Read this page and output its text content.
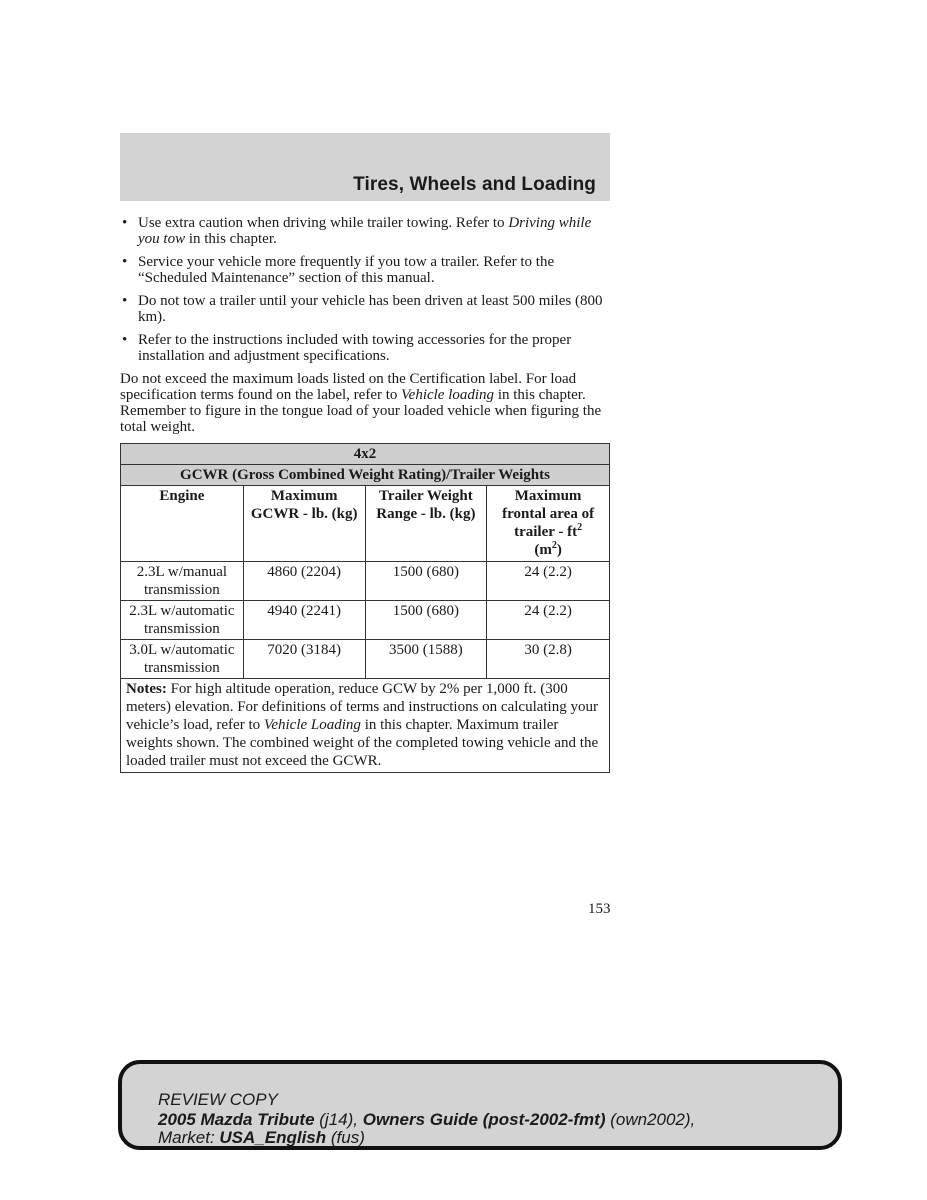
Tires, Wheels and Loading
• Use extra caution when driving while trailer towing. Refer to Driving while you tow in this chapter.
• Service your vehicle more frequently if you tow a trailer. Refer to the “Scheduled Maintenance” section of this manual.
• Do not tow a trailer until your vehicle has been driven at least 500 miles (800 km).
• Refer to the instructions included with towing accessories for the proper installation and adjustment specifications.
Do not exceed the maximum loads listed on the Certification label. For load specification terms found on the label, refer to Vehicle loading in this chapter. Remember to figure in the tongue load of your loaded vehicle when figuring the total weight.
4x2			
GCWR (Gross Combined Weight Rating)/Trailer Weights			
Engine	Maximum GCWR - lb. (kg)	Trailer Weight Range - lb. (kg)	Maximum frontal area of trailer - $ft^2$
$(m^2)$
2.3L w/manual transmission	4860 (2204)	1500 (680)	24 (2.2)
2.3L w/automatic transmission	4940 (2241)	1500 (680)	24 (2.2)
3.0L w/automatic transmission	7020 (3184)	3500 (1588)	30 (2.8)
Notes: For high altitude operation, reduce GCW by 2% per 1,000 ft. (300 meters) elevation. For definitions of terms and instructions on calculating your vehicle’s load, refer to Vehicle Loading in this chapter. Maximum trailer weights shown. The combined weight of the completed towing vehicle and the loaded trailer must not exceed the GCWR.			
153
REVIEW COPY
2005 Mazda Tribute (j14), Owners Guide (post-2002-fmt) (own2002),
Market: USA_English (fus)
